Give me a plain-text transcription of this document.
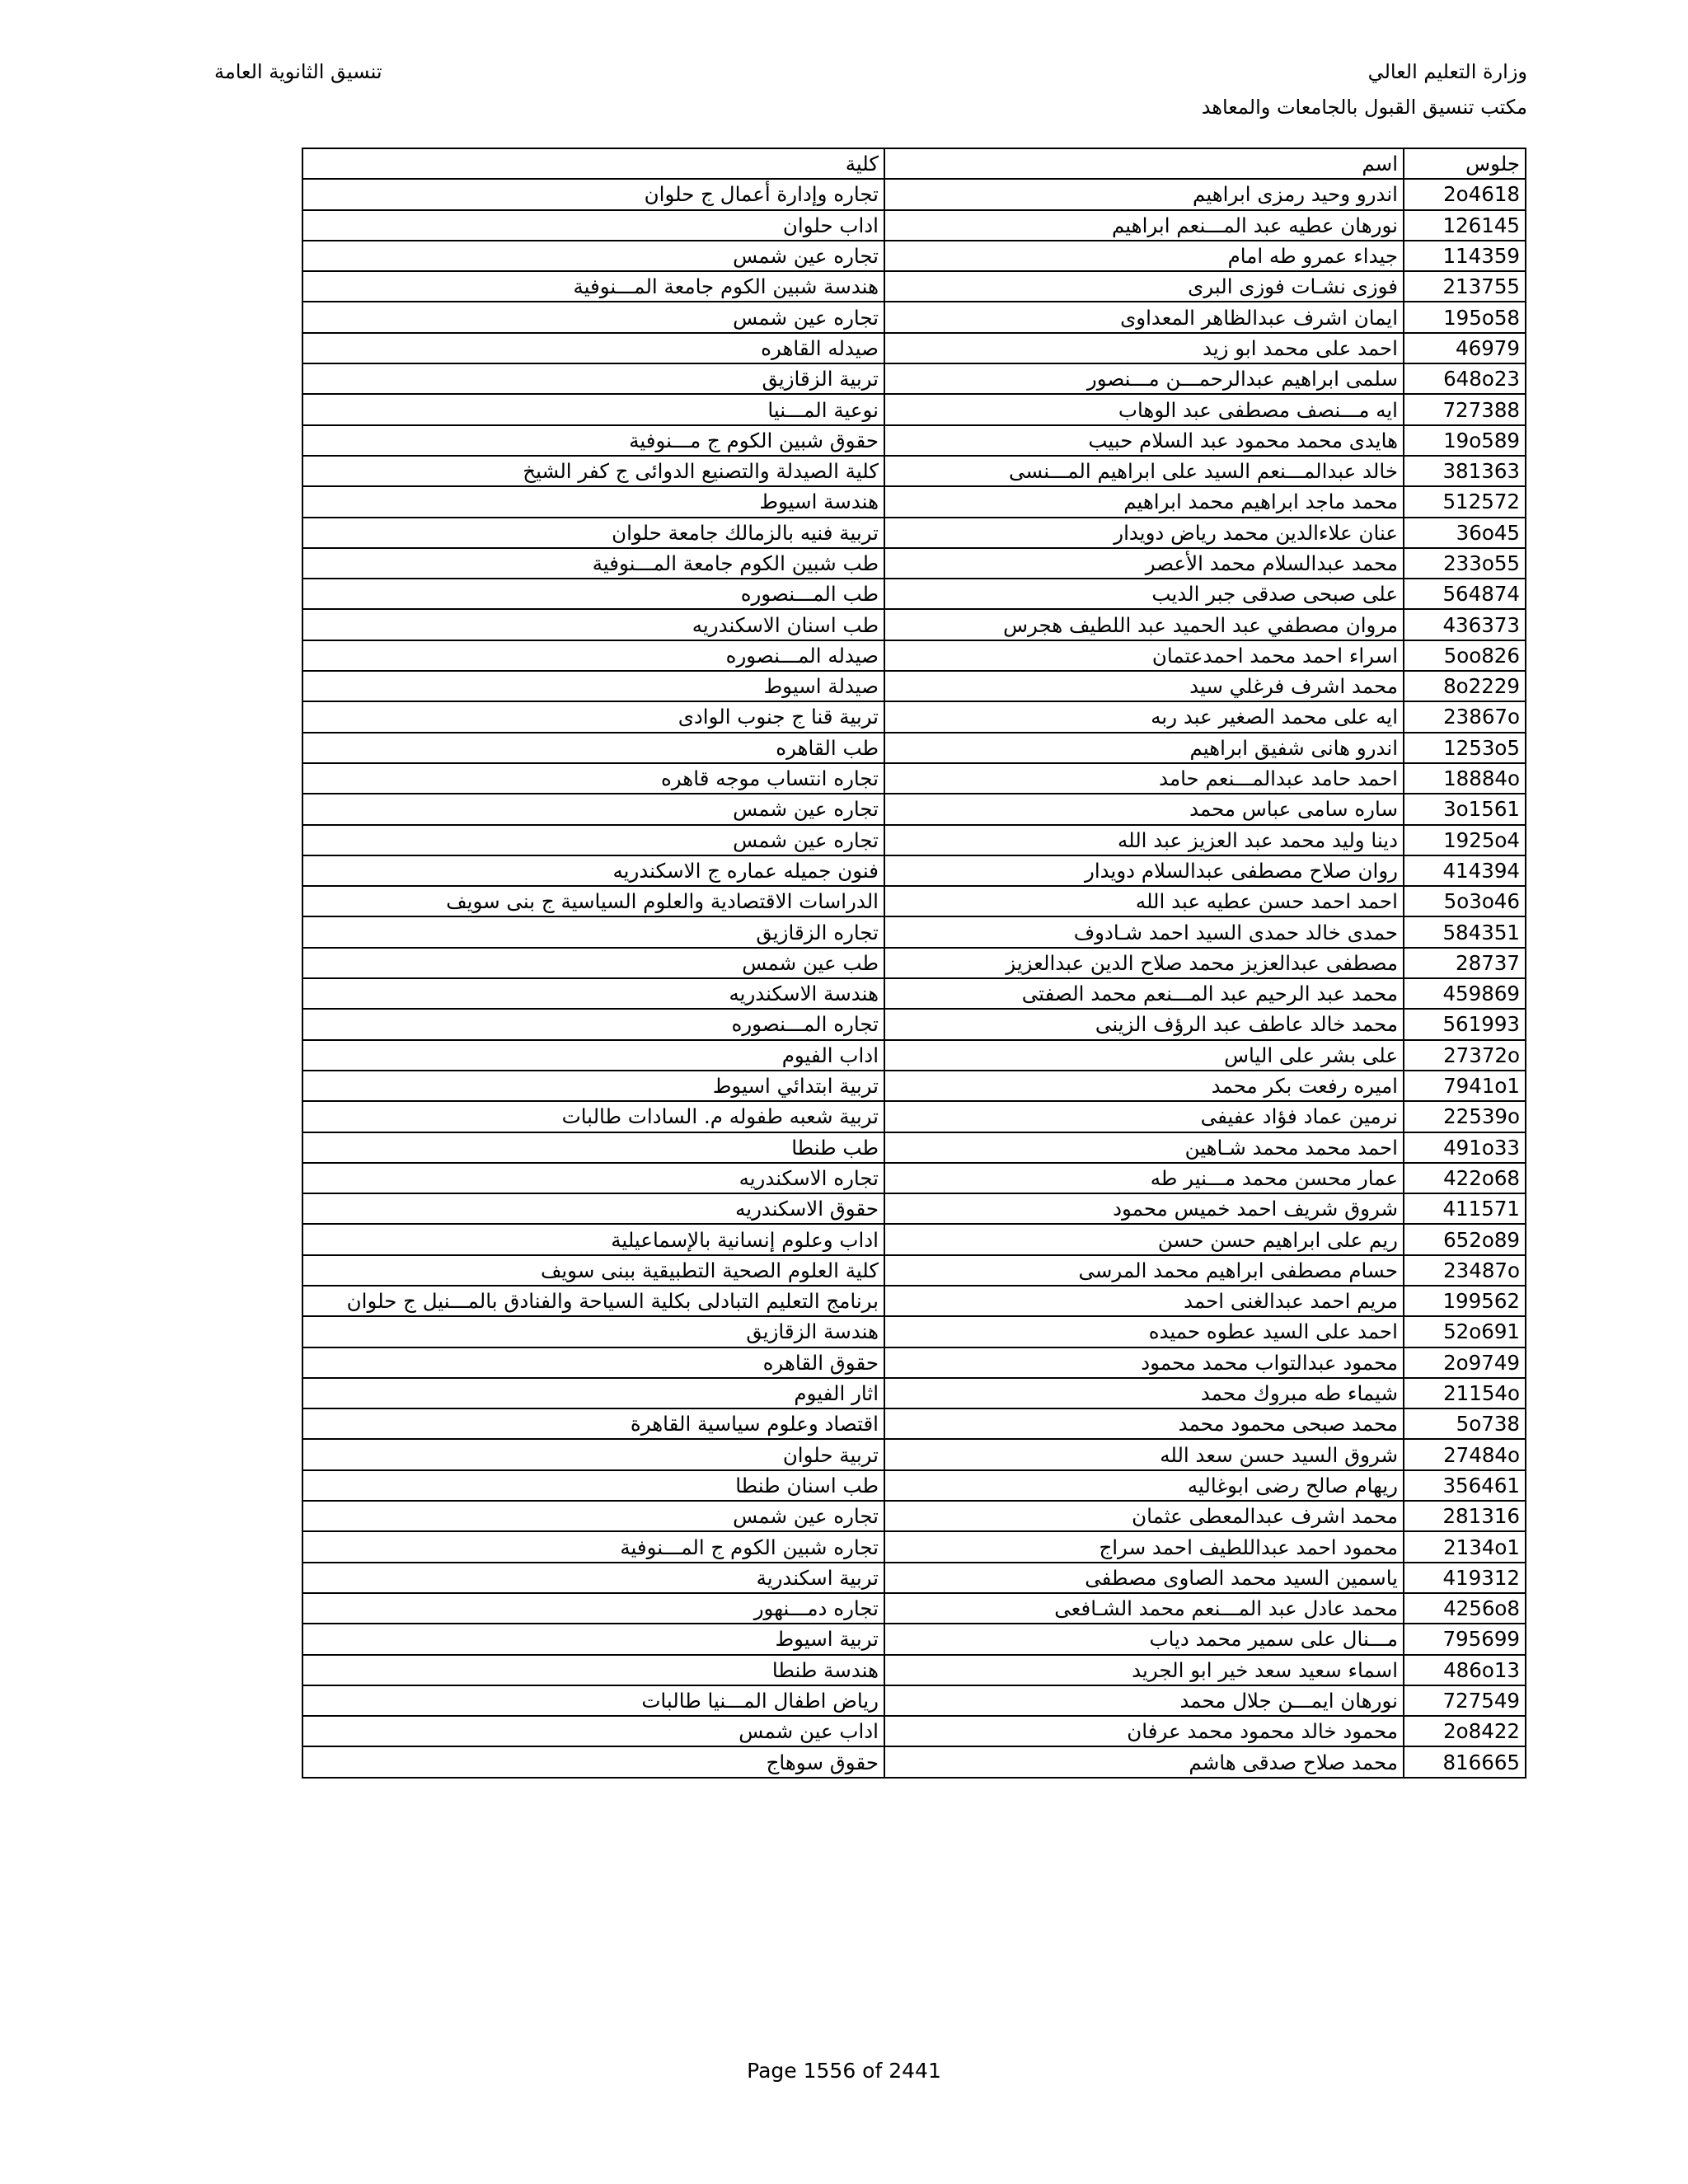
وزارة التعليم العالي
مكتب تنسيق القبول بالجامعات والمعاهد
تنسيق الثانوية العامة
جلوس	اسم	كلية
2o4618	اندرو وحيد رمزى ابراهيم	تجاره وإدارة أعمال ج حلوان
126145	نورهان عطيه عبد المـــنعم ابراهيم	اداب حلوان
114359	جيداء عمرو طه امام	تجاره عين شمس
213755	فوزى نشـات فوزى البرى	هندسة شبين الكوم جامعة المـــنوفية
195o58	ايمان اشرف عبدالظاهر المعداوى	تجاره عين شمس
46979	احمد على محمد ابو زيد	صيدله القاهره
648o23	سلمى ابراهيم عبدالرحمـــن مـــنصور	تربية الزقازيق
727388	ايه مـــنصف مصطفى عبد الوهاب	نوعية المـــنيا
19o589	هايدى محمد محمود عبد السلام حبيب	حقوق شبين الكوم ج مـــنوفية
381363	خالد عبدالمـــنعم السيد على ابراهيم المـــنسى	كلية الصيدلة والتصنيع الدوائى ج كفر الشيخ
512572	محمد ماجد ابراهيم محمد ابراهيم	هندسة اسيوط
36o45	عنان علاءالدين محمد رياض دويدار	تربية فنيه بالزمالك جامعة حلوان
233o55	محمد عبدالسلام محمد الأعصر	طب شبين الكوم جامعة المـــنوفية
564874	على صبحى صدقى جبر الديب	طب المـــنصوره
436373	مروان مصطفي عبد الحميد عبد اللطيف هجرس	طب اسنان الاسكندريه
5oo826	اسراء احمد محمد احمدعتمان	صيدله المـــنصوره
8o2229	محمد اشرف فرغلي سيد	صيدلة اسيوط
23867o	ايه على محمد الصغير عبد ربه	تربية قنا ج جنوب الوادى
1253o5	اندرو هانى شفيق ابراهيم	طب القاهره
18884o	احمد حامد عبدالمـــنعم حامد	تجاره انتساب موجه قاهره
3o1561	ساره سامى عباس محمد	تجاره عين شمس
1925o4	دينا وليد محمد عبد العزيز عبد الله	تجاره عين شمس
414394	روان صلاح مصطفى عبدالسلام دويدار	فنون جميله عماره ج الاسكندريه
5o3o46	احمد احمد حسن عطيه عبد الله	الدراسات الاقتصادية والعلوم السياسية ج بنى سويف
584351	حمدى خالد حمدى السيد احمد شـادوف	تجاره الزقازيق
28737	مصطفى عبدالعزيز محمد صلاح الدين عبدالعزيز	طب عين شمس
459869	محمد عبد الرحيم عبد المـــنعم محمد الصفتى	هندسة الاسكندريه
561993	محمد خالد عاطف عبد الرؤف الزينى	تجاره المـــنصوره
27372o	على بشر على الياس	اداب الفيوم
7941o1	اميره رفعت بكر محمد	تربية ابتدائي اسيوط
22539o	نرمين عماد فؤاد عفيفى	تربية شعبه طفوله م. السادات طالبات
491o33	احمد محمد محمد شـاهين	طب طنطا
422o68	عمار محسن محمد مـــنير طه	تجاره الاسكندريه
411571	شروق شريف احمد خميس محمود	حقوق الاسكندريه
652o89	ريم على ابراهيم حسن حسن	اداب وعلوم إنسانية بالإسماعيلية
23487o	حسام مصطفى ابراهيم محمد المرسى	كلية العلوم الصحية التطبيقية ببنى سويف
199562	مريم احمد عبدالغنى احمد	برنامج التعليم التبادلى بكلية السياحة والفنادق بالمـــنيل ج حلوان
52o691	احمد على السيد عطوه حميده	هندسة الزقازيق
2o9749	محمود عبدالتواب محمد محمود	حقوق القاهره
21154o	شيماء طه مبروك محمد	اثار الفيوم
5o738	محمد صبحى محمود محمد	اقتصاد وعلوم سياسية القاهرة
27484o	شروق السيد حسن سعد الله	تربية حلوان
356461	ريهام صالح رضى ابوغاليه	طب اسنان طنطا
281316	محمد اشرف عبدالمعطى عثمان	تجاره عين شمس
2134o1	محمود احمد عبداللطيف احمد سراج	تجاره شبين الكوم ج المـــنوفية
419312	ياسمين السيد محمد الصاوى مصطفى	تربية اسكندرية
4256o8	محمد عادل عبد المـــنعم محمد الشـافعى	تجاره دمـــنهور
795699	مـــنال على سمير محمد دياب	تربية اسيوط
486o13	اسماء سعيد سعد خير ابو الجريد	هندسة طنطا
727549	نورهان ايمـــن جلال محمد	رياض اطفال المـــنيا طالبات
2o8422	محمود خالد محمود محمد عرفان	اداب عين شمس
816665	محمد صلاح صدقى هاشم	حقوق سوهاج
Page 1556 of 2441
